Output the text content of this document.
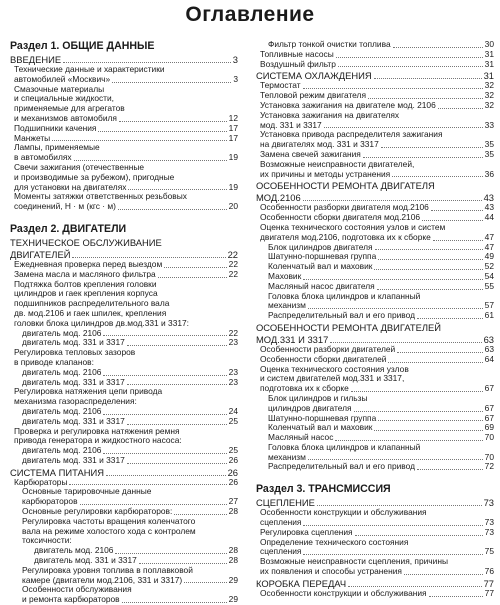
Оглавление
Раздел 1. ОБЩИЕ ДАННЫЕ
ВВЕДЕНИЕ	3
Технические данные и характеристики
автомобилей «Москвич»	3
Смазочные материалы
и специальные жидкости,
применяемые для агрегатов
и механизмов автомобиля	12
Подшипники качения	17
Манжеты	17
Лампы, применяемые
в автомобилях	19
Свечи зажигания (отечественные
и производимые за рубежом), пригодные
для установки на двигателях	19
Моменты затяжки ответственных резьбовых
соединений, Н · м (кгс · м)	20
Раздел 2. ДВИГАТЕЛИ
ТЕХНИЧЕСКОЕ ОБСЛУЖИВАНИЕ
ДВИГАТЕЛЕЙ	22
Ежедневная проверка перед выездом	22
Замена масла и масляного фильтра	22
Подтяжка болтов крепления головки
цилиндров и гаек крепления корпуса
подшипников распределительного вала
дв. мод.2106 и гаек шпилек, крепления
головки блока цилиндров дв.мод.331 и 3317:
двигатель мод. 2106	22
двигатель мод. 331 и 3317	23
Регулировка тепловых зазоров
в приводе клапанов:
двигатель мод. 2106	23
двигатель мод. 331 и 3317	23
Регулировка натяжения цепи привода
механизма газораспределения:
двигатель мод. 2106	24
двигатель мод. 331 и 3317	25
Проверка и регулировка натяжения ремня
привода генератора и жидкостного насоса:
двигатель мод. 2106	25
двигатель мод. 331 и 3317	26
СИСТЕМА ПИТАНИЯ	26
Карбюраторы	26
Основные тарировочные данные
карбюраторов	27
Основные регулировки карбюраторов:	28
Регулировка частоты вращения коленчатого
вала на режиме холостого хода с контролем
токсичности:
двигатель мод. 2106	28
двигатель мод. 331 и 3317	28
Регулировка уровня топлива в поплавковой
камере (двигатели мод.2106, 331 и 3317)	29
Особенности обслуживания
и ремонта карбюраторов	29
Фильтр тонкой очистки топлива	30
Топливные насосы	31
Воздушный фильтр	31
СИСТЕМА ОХЛАЖДЕНИЯ	31
Термостат	32
Тепловой режим двигателя	32
Установка зажигания на двигателе мод. 2106	32
Установка зажигания на двигателях
мод. 331 и 3317	33
Установка привода распределителя зажигания
на двигателях мод. 331 и 3317	35
Замена свечей зажигания	35
Возможные неисправности двигателей,
их причины и методы устранения	36
ОСОБЕННОСТИ РЕМОНТА ДВИГАТЕЛЯ
МОД.2106	43
Особенности разборки двигателя мод.2106	43
Особенности сборки двигателя мод.2106	44
Оценка технического состояния узлов и систем
двигателя мод.2106, подготовка их к сборке	47
Блок цилиндров двигателя	47
Шатунно-поршневая группа	49
Коленчатый вал и маховик	52
Маховик	54
Масляный насос двигателя	55
Головка блока цилиндров и клапанный
механизм	57
Распределительный вал и его привод	61
ОСОБЕННОСТИ РЕМОНТА ДВИГАТЕЛЕЙ
МОД.331 И 3317	63
Особенности разборки двигателей	63
Особенности сборки двигателей	64
Оценка технического состояния узлов
и систем двигателей мод.331 и 3317,
подготовка их к сборке	67
Блок цилиндров и гильзы
цилиндров двигателя	67
Шатунно-поршневая группа	67
Коленчатый вал и маховик	69
Масляный насос	70
Головка блока цилиндров и клапанный
механизм	70
Распределительный вал и его привод	72
Раздел 3. ТРАНСМИССИЯ
СЦЕПЛЕНИЕ	73
Особенности конструкции и обслуживания
сцепления	73
Регулировка сцепления	73
Определение технического состояния
сцепления	75
Возможные неисправности сцепления, причины
их появления и способы устранения	76
КОРОБКА ПЕРЕДАЧ	77
Особенности конструкции и обслуживания	77
